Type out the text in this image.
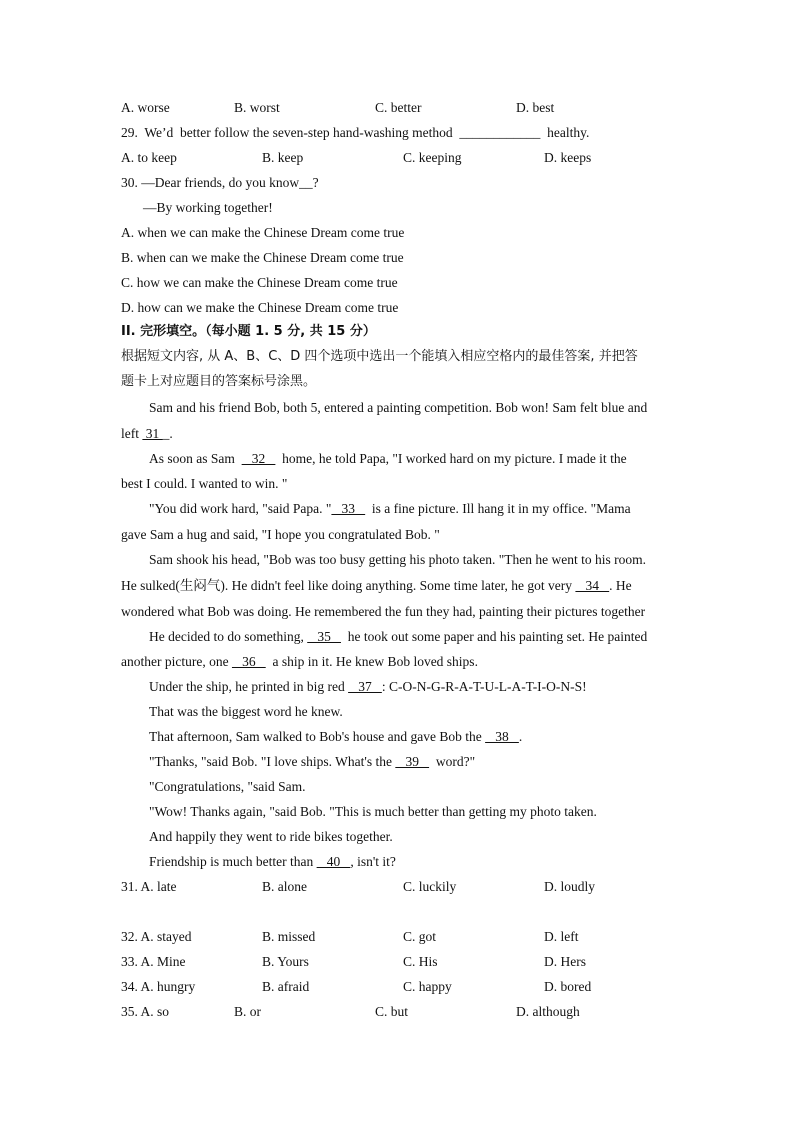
A. worse	B. worst	C. better	D. best
29.  We’d  better follow the seven-step hand-washing method  ____________  healthy.
A. to keep	B. keep	C. keeping	D. keeps
30. —Dear friends, do you know__?
—By working together!
A. when we can make the Chinese Dream come true
B. when can we make the Chinese Dream come true
C. how we can make the Chinese Dream come true
D. how can we make the Chinese Dream come true
II. 完形填空。（每小题 1. 5 分, 共 15 分）
根据短文内容, 从 A、B、C、D 四个选项中选出一个能填入相应空格内的最佳答案, 并把答
题卡上对应题目的答案标号涂黑。
Sam and his friend Bob, both 5, entered a painting competition. Bob won! Sam felt blue and
left  31 _.
As soon as Sam     32     home, he told Papa, "I worked hard on my picture. I made it the
best I could. I wanted to win. "
"You did work hard, "said Papa. "   33     is a fine picture. Ill hang it in my office. "Mama
gave Sam a hug and said, "I hope you congratulated Bob. "
Sam shook his head, "Bob was too busy getting his photo taken. "Then he went to his room.
He sulked(生闷气). He didn't feel like doing anything. Some time later, he got very    34   . He
wondered what Bob was doing. He remembered the fun they had, painting their pictures together
He decided to do something,    35     he took out some paper and his painting set. He painted
another picture, one    36     a ship in it. He knew Bob loved ships.
Under the ship, he printed in big red    37   : C-O-N-G-R-A-T-U-L-A-T-I-O-N-S!
That was the biggest word he knew.
That afternoon, Sam walked to Bob's house and gave Bob the    38   .
"Thanks, "said Bob. "I love ships. What's the    39     word?"
"Congratulations, "said Sam.
"Wow! Thanks again, "said Bob. "This is much better than getting my photo taken.
And happily they went to ride bikes together.
Friendship is much better than    40   , isn't it?
31. A. late	B. alone	C. luckily	D. loudly
32. A. stayed	B. missed	C. got	D. left
33. A. Mine	B. Yours	C. His	D. Hers
34. A. hungry	B. afraid	C. happy	D. bored
35. A. so	B. or	C. but	D. although
